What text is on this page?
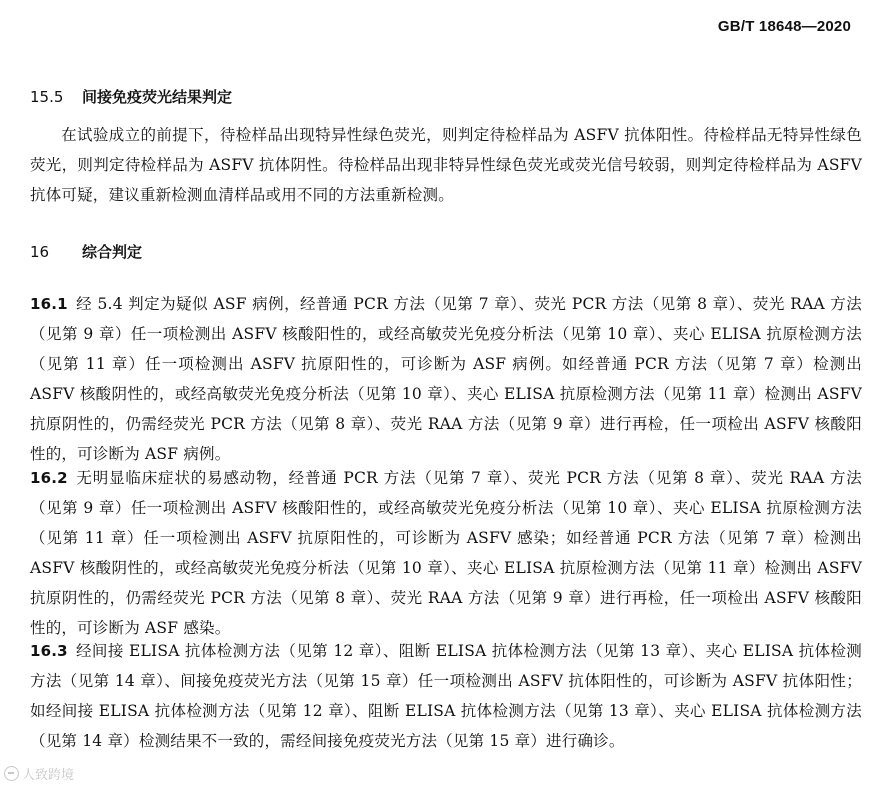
GB/T 18648—2020
15.5 间接免疫荧光结果判定
在试验成立的前提下，待检样品出现特异性绿色荧光，则判定待检样品为 ASFV 抗体阳性。待检样品无特异性绿色荧光，则判定待检样品为 ASFV 抗体阴性。待检样品出现非特异性绿色荧光或荧光信号较弱，则判定待检样品为 ASFV 抗体可疑，建议重新检测血清样品或用不同的方法重新检测。
16 综合判定
16.1 经 5.4 判定为疑似 ASF 病例，经普通 PCR 方法（见第 7 章）、荧光 PCR 方法（见第 8 章）、荧光 RAA 方法（见第 9 章）任一项检测出 ASFV 核酸阳性的，或经高敏荧光免疫分析法（见第 10 章）、夹心 ELISA 抗原检测方法（见第 11 章）任一项检测出 ASFV 抗原阳性的，可诊断为 ASF 病例。如经普通 PCR 方法（见第 7 章）检测出 ASFV 核酸阴性的，或经高敏荧光免疫分析法（见第 10 章）、夹心 ELISA 抗原检测方法（见第 11 章）检测出 ASFV 抗原阴性的，仍需经荧光 PCR 方法（见第 8 章）、荧光 RAA 方法（见第 9 章）进行再检，任一项检出 ASFV 核酸阳性的，可诊断为 ASF 病例。
16.2 无明显临床症状的易感动物，经普通 PCR 方法（见第 7 章）、荧光 PCR 方法（见第 8 章）、荧光 RAA 方法（见第 9 章）任一项检测出 ASFV 核酸阳性的，或经高敏荧光免疫分析法（见第 10 章）、夹心 ELISA 抗原检测方法（见第 11 章）任一项检测出 ASFV 抗原阳性的，可诊断为 ASFV 感染；如经普通 PCR 方法（见第 7 章）检测出 ASFV 核酸阴性的，或经高敏荧光免疫分析法（见第 10 章）、夹心 ELISA 抗原检测方法（见第 11 章）检测出 ASFV 抗原阴性的，仍需经荧光 PCR 方法（见第 8 章）、荧光 RAA 方法（见第 9 章）进行再检，任一项检出 ASFV 核酸阳性的，可诊断为 ASF 感染。
16.3 经间接 ELISA 抗体检测方法（见第 12 章）、阻断 ELISA 抗体检测方法（见第 13 章）、夹心 ELISA 抗体检测方法（见第 14 章）、间接免疫荧光方法（见第 15 章）任一项检测出 ASFV 抗体阳性的，可诊断为 ASFV 抗体阳性；如经间接 ELISA 抗体检测方法（见第 12 章）、阻断 ELISA 抗体检测方法（见第 13 章）、夹心 ELISA 抗体检测方法（见第 14 章）检测结果不一致的，需经间接免疫荧光方法（见第 15 章）进行确诊。
人致跨境
